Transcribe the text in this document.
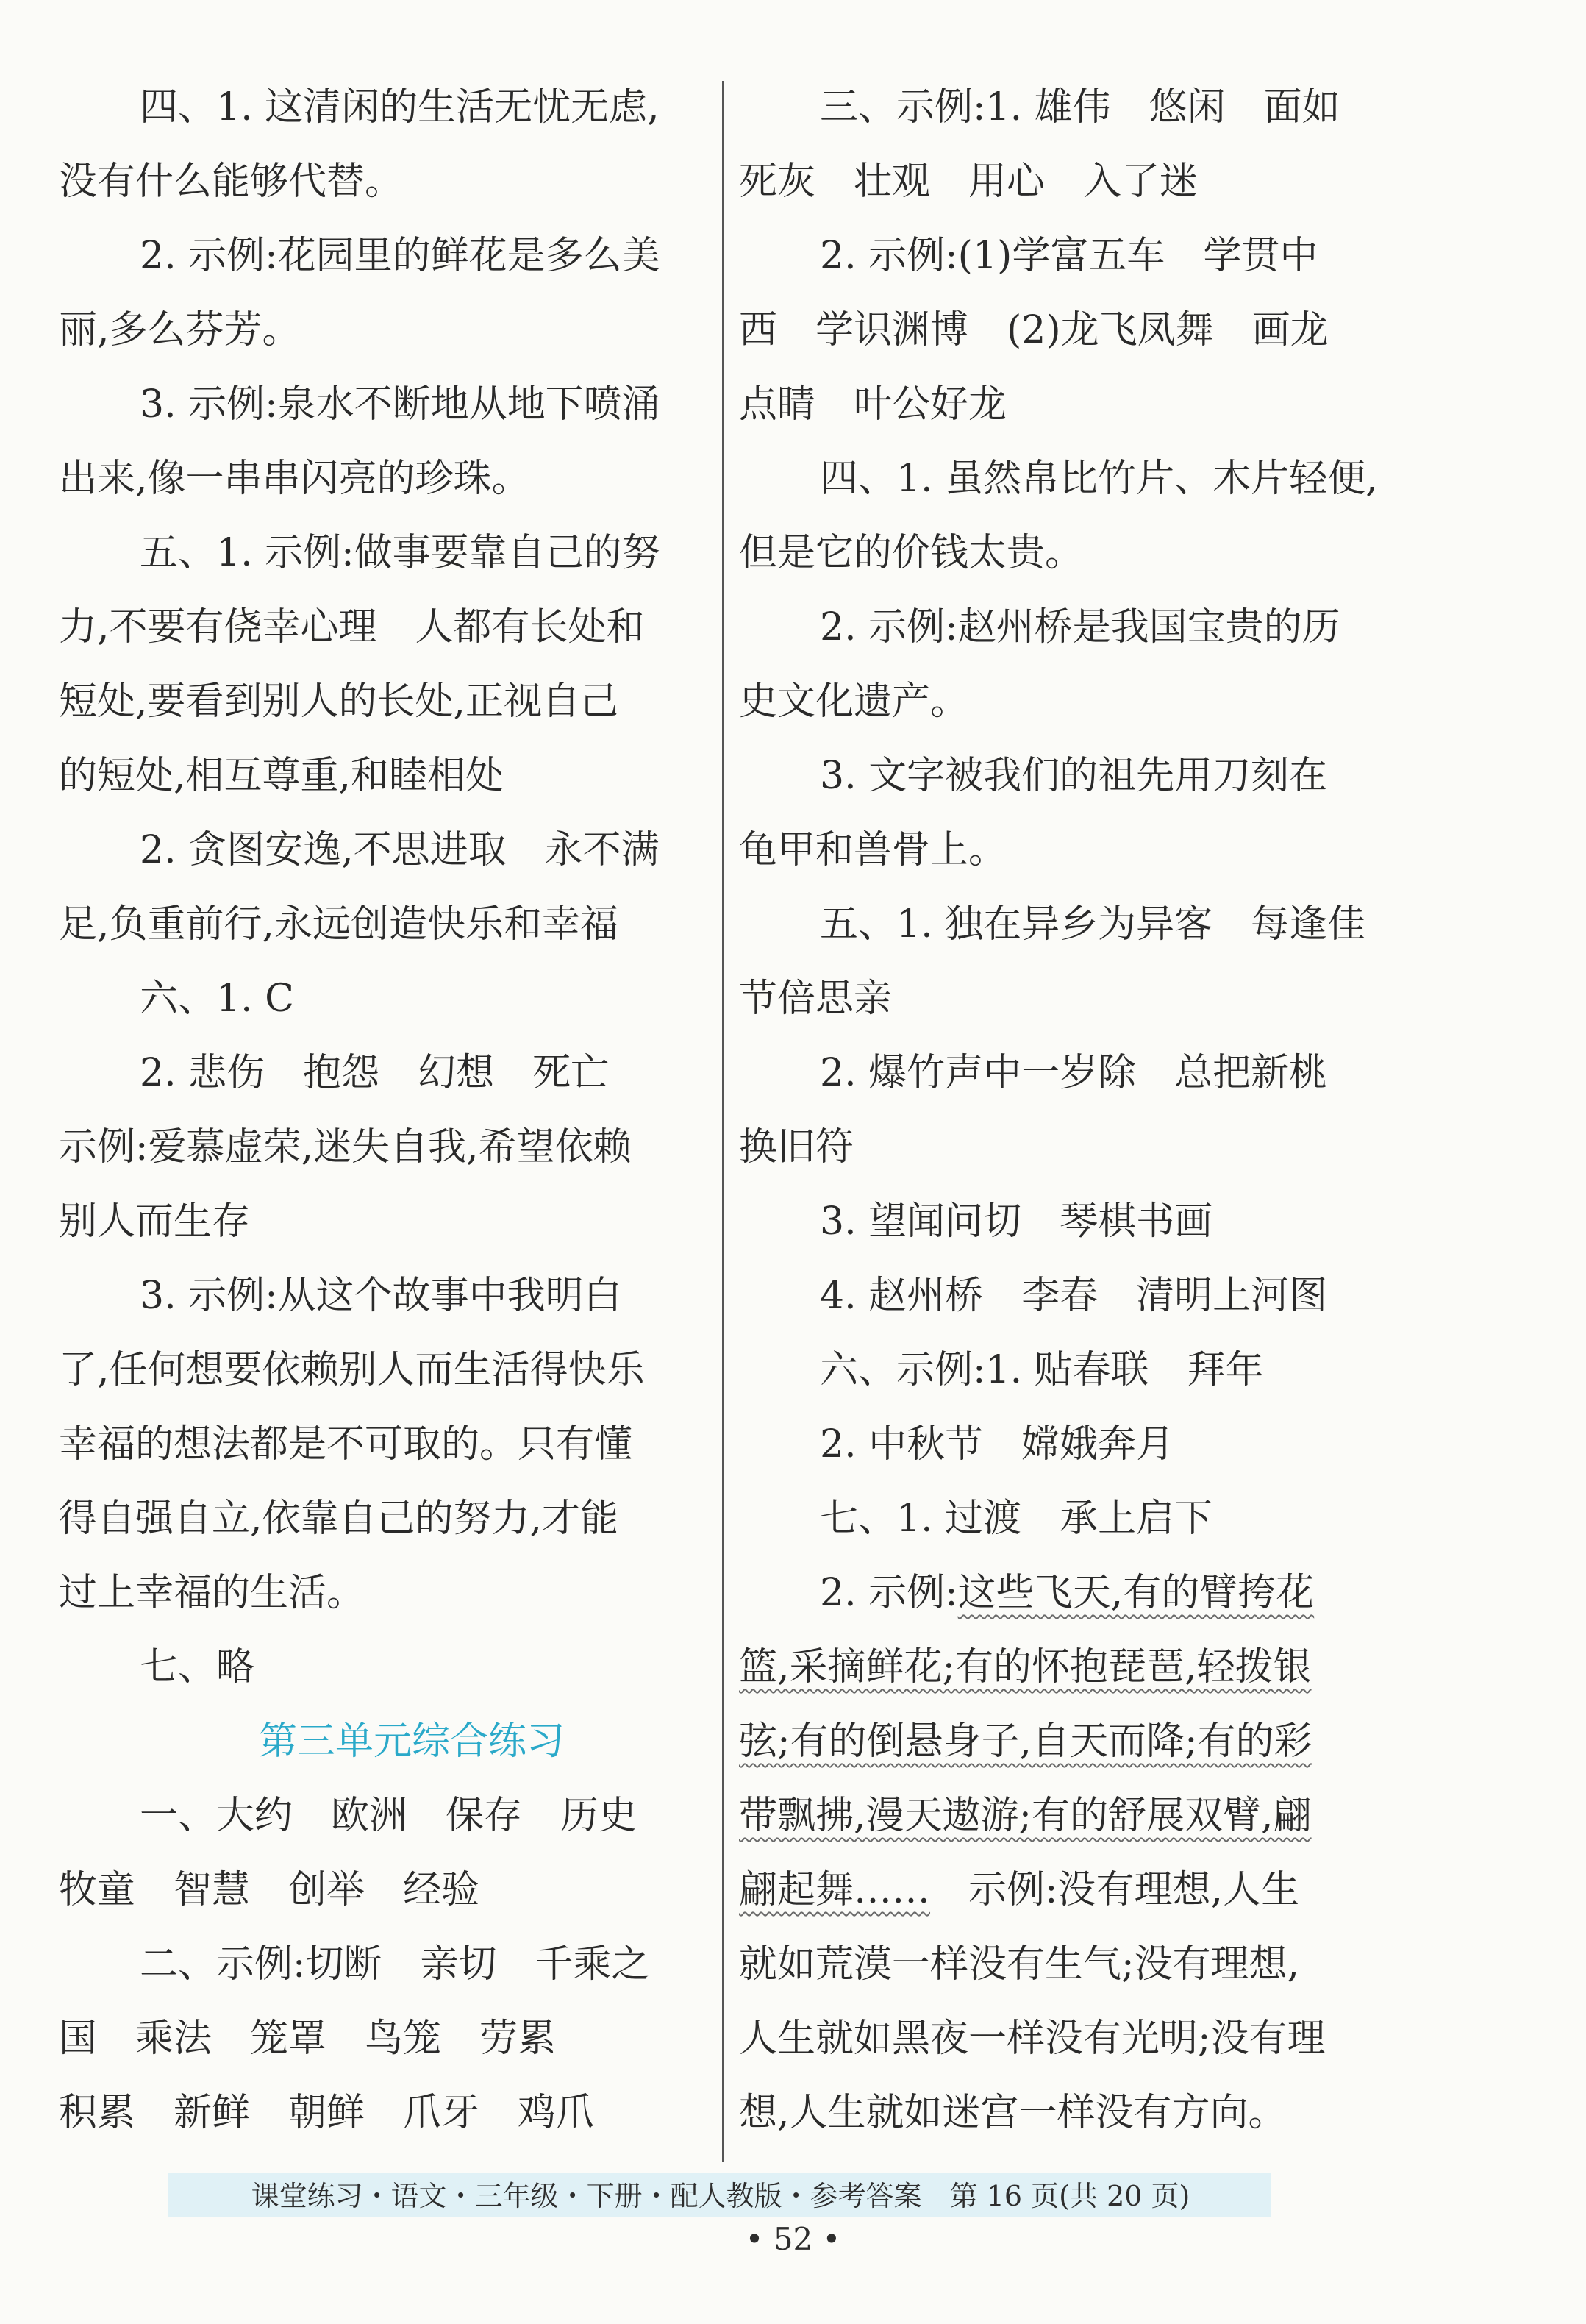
四、1. 这清闲的生活无忧无虑,
没有什么能够代替。
2. 示例:花园里的鲜花是多么美
丽,多么芬芳。
3. 示例:泉水不断地从地下喷涌
出来,像一串串闪亮的珍珠。
五、1. 示例:做事要靠自己的努
力,不要有侥幸心理　人都有长处和
短处,要看到别人的长处,正视自己
的短处,相互尊重,和睦相处
2. 贪图安逸,不思进取　永不满
足,负重前行,永远创造快乐和幸福
六、1. C
2. 悲伤　抱怨　幻想　死亡
示例:爱慕虚荣,迷失自我,希望依赖
别人而生存
3. 示例:从这个故事中我明白
了,任何想要依赖别人而生活得快乐
幸福的想法都是不可取的。只有懂
得自强自立,依靠自己的努力,才能
过上幸福的生活。
七、略
第三单元综合练习
一、大约　欧洲　保存　历史
牧童　智慧　创举　经验
二、示例:切断　亲切　千乘之
国　乘法　笼罩　鸟笼　劳累
积累　新鲜　朝鲜　爪牙　鸡爪
三、示例:1. 雄伟　悠闲　面如
死灰　壮观　用心　入了迷
2. 示例:(1)学富五车　学贯中
西　学识渊博　(2)龙飞凤舞　画龙
点睛　叶公好龙
四、1. 虽然帛比竹片、木片轻便,
但是它的价钱太贵。
2. 示例:赵州桥是我国宝贵的历
史文化遗产。
3. 文字被我们的祖先用刀刻在
龟甲和兽骨上。
五、1. 独在异乡为异客　每逢佳
节倍思亲
2. 爆竹声中一岁除　总把新桃
换旧符
3. 望闻问切　琴棋书画
4. 赵州桥　李春　清明上河图
六、示例:1. 贴春联　拜年
2. 中秋节　嫦娥奔月
七、1. 过渡　承上启下
2. 示例:这些飞天,有的臂挎花
篮,采摘鲜花;有的怀抱琵琶,轻拨银
弦;有的倒悬身子,自天而降;有的彩
带飘拂,漫天遨游;有的舒展双臂,翩
翩起舞……　示例:没有理想,人生
就如荒漠一样没有生气;没有理想,
人生就如黑夜一样没有光明;没有理
想,人生就如迷宫一样没有方向。
课堂练习・语文・三年级・下册・配人教版・参考答案　第 16 页(共 20 页)
• 52 •
